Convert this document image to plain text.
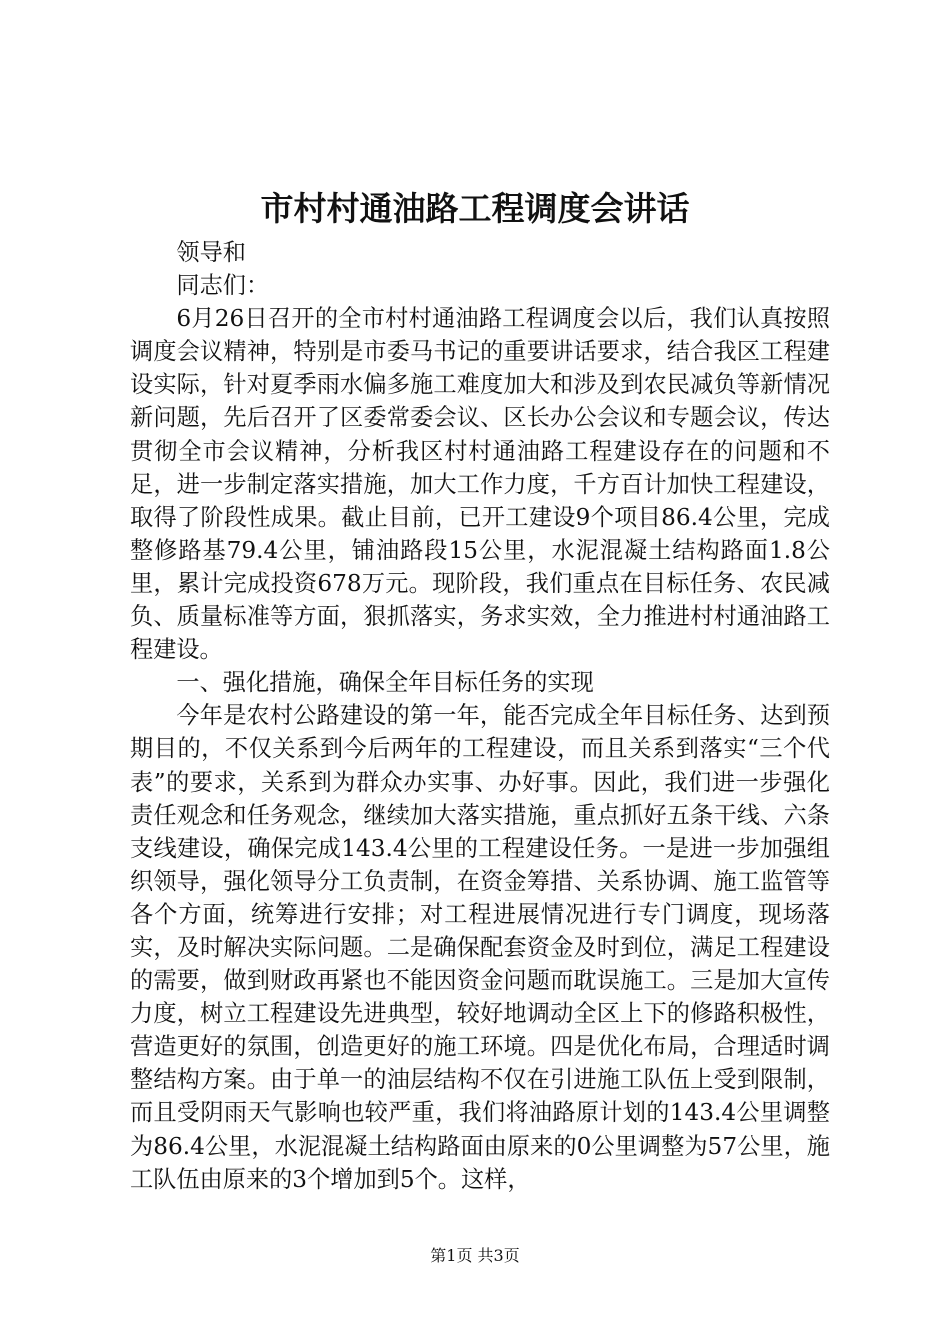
市村村通油路工程调度会讲话

领导和

同志们：

6月26日召开的全市村村通油路工程调度会以后，我们认真按照调度会议精神，特别是市委马书记的重要讲话要求，结合我区工程建设实际，针对夏季雨水偏多施工难度加大和涉及到农民减负等新情况新问题，先后召开了区委常委会议、区长办公会议和专题会议，传达贯彻全市会议精神，分析我区村村通油路工程建设存在的问题和不足，进一步制定落实措施，加大工作力度，千方百计加快工程建设，取得了阶段性成果。截止目前，已开工建设9个项目86.4公里，完成整修路基79.4公里，铺油路段15公里，水泥混凝土结构路面1.8公里，累计完成投资678万元。现阶段，我们重点在目标任务、农民减负、质量标准等方面，狠抓落实，务求实效，全力推进村村通油路工程建设。

一、强化措施，确保全年目标任务的实现

今年是农村公路建设的第一年，能否完成全年目标任务、达到预期目的，不仅关系到今后两年的工程建设，而且关系到落实“三个代表”的要求，关系到为群众办实事、办好事。因此，我们进一步强化责任观念和任务观念，继续加大落实措施，重点抓好五条干线、六条支线建设，确保完成143.4公里的工程建设任务。一是进一步加强组织领导，强化领导分工负责制，在资金筹措、关系协调、施工监管等各个方面，统筹进行安排；对工程进展情况进行专门调度，现场落实，及时解决实际问题。二是确保配套资金及时到位，满足工程建设的需要，做到财政再紧也不能因资金问题而耽误施工。三是加大宣传力度，树立工程建设先进典型，较好地调动全区上下的修路积极性，营造更好的氛围，创造更好的施工环境。四是优化布局，合理适时调整结构方案。由于单一的油层结构不仅在引进施工队伍上受到限制，而且受阴雨天气影响也较严重，我们将油路原计划的143.4公里调整为86.4公里，水泥混凝土结构路面由原来的0公里调整为57公里，施工队伍由原来的3个增加到5个。这样，

第1页 共3页
